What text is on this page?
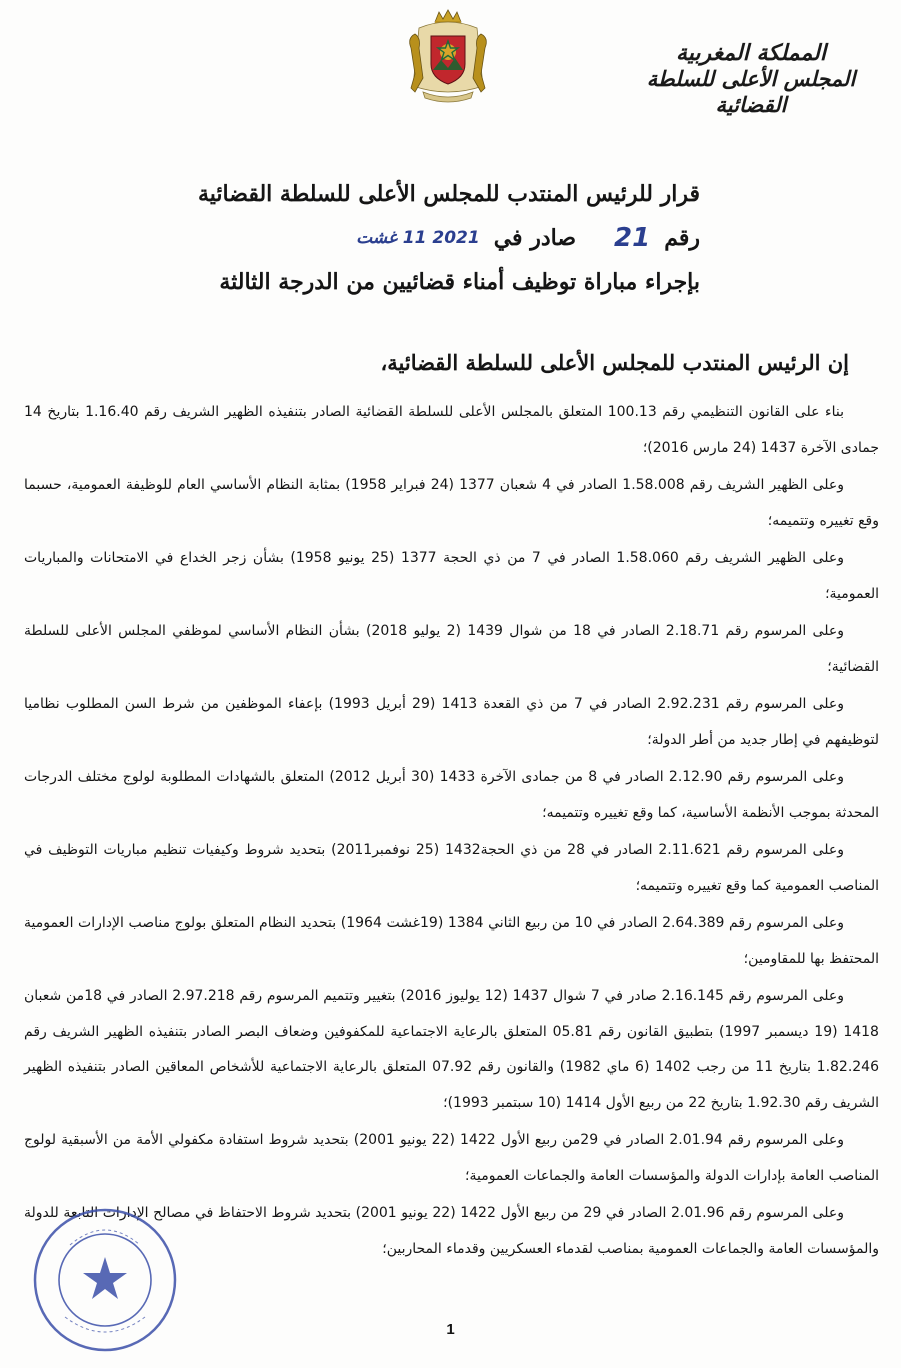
المملكة المغربية
المجلس الأعلى للسلطة القضائية
قرار للرئيس المنتدب للمجلس الأعلى للسلطة القضائية
رقم
21
صادر في
2021 11 غشت
بإجراء مباراة توظيف أمناء قضائيين من الدرجة الثالثة
إن الرئيس المنتدب للمجلس الأعلى للسلطة القضائية،

بناء على القانون التنظيمي رقم 100.13 المتعلق بالمجلس الأعلى للسلطة القضائية الصادر بتنفيذه الظهير الشريف رقم 1.16.40 بتاريخ 14 جمادى الآخرة 1437 (24 مارس 2016)؛

وعلى الظهير الشريف رقم 1.58.008 الصادر في 4 شعبان 1377 (24 فبراير 1958) بمثابة النظام الأساسي العام للوظيفة العمومية، حسبما وقع تغييره وتتميمه؛

وعلى الظهير الشريف رقم 1.58.060 الصادر في 7 من ذي الحجة 1377 (25 يونيو 1958) بشأن زجر الخداع في الامتحانات والمباريات العمومية؛

وعلى المرسوم رقم 2.18.71 الصادر في 18 من شوال 1439 (2 يوليو 2018) بشأن النظام الأساسي لموظفي المجلس الأعلى للسلطة القضائية؛

وعلى المرسوم رقم 2.92.231 الصادر في 7 من ذي القعدة 1413 (29 أبريل 1993) بإعفاء الموظفين من شرط السن المطلوب نظاميا لتوظيفهم في إطار جديد من أطر الدولة؛

وعلى المرسوم رقم 2.12.90 الصادر في 8 من جمادى الآخرة 1433 (30 أبريل 2012) المتعلق بالشهادات المطلوبة لولوج مختلف الدرجات المحدثة بموجب الأنظمة الأساسية، كما وقع تغييره وتتميمه؛

وعلى المرسوم رقم 2.11.621 الصادر في 28 من ذي الحجة1432 (25 نوفمبر2011) بتحديد شروط وكيفيات تنظيم مباريات التوظيف في المناصب العمومية كما وقع تغييره وتتميمه؛

وعلى المرسوم رقم 2.64.389 الصادر في 10 من ربيع الثاني 1384 (19غشت 1964) بتحديد النظام المتعلق بولوج مناصب الإدارات العمومية المحتفظ بها للمقاومين؛

وعلى المرسوم رقم 2.16.145 صادر في 7 شوال 1437 (12 يوليوز 2016) بتغيير وتتميم المرسوم رقم 2.97.218 الصادر في 18من شعبان 1418 (19 ديسمبر 1997) بتطبيق القانون رقم 05.81 المتعلق بالرعاية الاجتماعية للمكفوفين وضعاف البصر الصادر بتنفيذه الظهير الشريف رقم 1.82.246 بتاريخ 11 من رجب 1402 (6 ماي 1982) والقانون رقم 07.92 المتعلق بالرعاية الاجتماعية للأشخاص المعاقين الصادر بتنفيذه الظهير الشريف رقم 1.92.30 بتاريخ 22 من ربيع الأول 1414 (10 سبتمبر 1993)؛

وعلى المرسوم رقم 2.01.94 الصادر في 29من ربيع الأول 1422 (22 يونيو 2001) بتحديد شروط استفادة مكفولي الأمة من الأسبقية لولوج المناصب العامة بإدارات الدولة والمؤسسات العامة والجماعات العمومية؛

وعلى المرسوم رقم 2.01.96 الصادر في 29 من ربيع الأول 1422 (22 يونيو 2001) بتحديد شروط الاحتفاظ في مصالح الإدارات التابعة للدولة والمؤسسات العامة والجماعات العمومية بمناصب لقدماء العسكريين وقدماء المحاربين؛

1
